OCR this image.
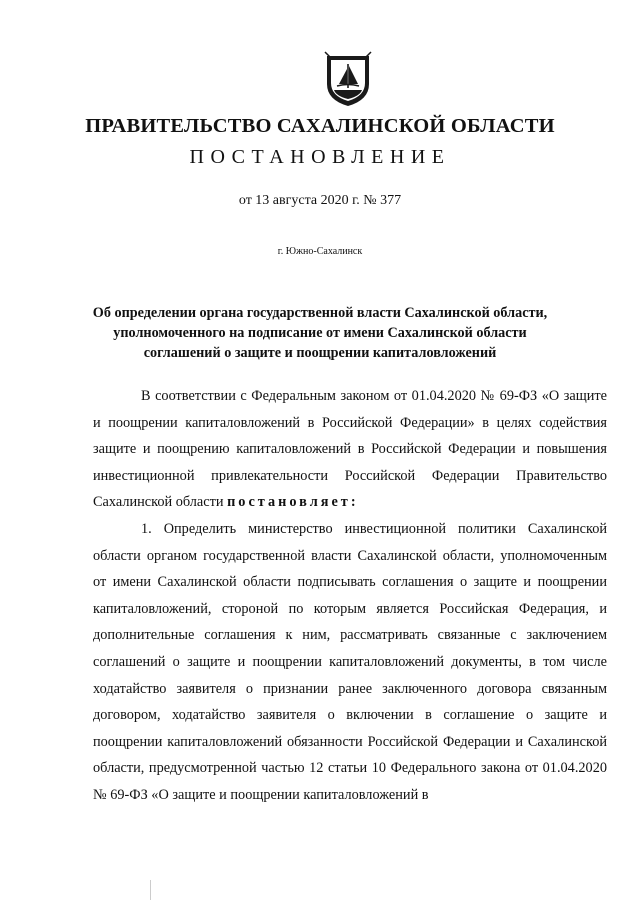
ПРАВИТЕЛЬСТВО САХАЛИНСКОЙ ОБЛАСТИ
ПОСТАНОВЛЕНИЕ
от 13 августа 2020 г. № 377
г. Южно-Сахалинск
Об определении органа государственной власти Сахалинской области,
уполномоченного на подписание от имени Сахалинской области
соглашений о защите и поощрении капиталовложений

В соответствии с Федеральным законом от 01.04.2020 № 69-ФЗ «О защите и поощрении капиталовложений в Российской Федерации» в целях содействия защите и поощрению капиталовложений в Российской Федерации и повышения инвестиционной привлекательности Российской Федерации Правительство Сахалинской области постановляет:

1. Определить министерство инвестиционной политики Сахалинской области органом государственной власти Сахалинской области, уполномоченным от имени Сахалинской области подписывать соглашения о защите и поощрении капиталовложений, стороной по которым является Российская Федерация, и дополнительные соглашения к ним, рассматривать связанные с заключением соглашений о защите и поощрении капиталовложений документы, в том числе ходатайство заявителя о признании ранее заключенного договора связанным договором, ходатайство заявителя о включении в соглашение о защите и поощрении капиталовложений обязанности Российской Федерации и Сахалинской области, предусмотренной частью 12 статьи 10 Федерального закона от 01.04.2020 № 69-ФЗ «О защите и поощрении капиталовложений в
